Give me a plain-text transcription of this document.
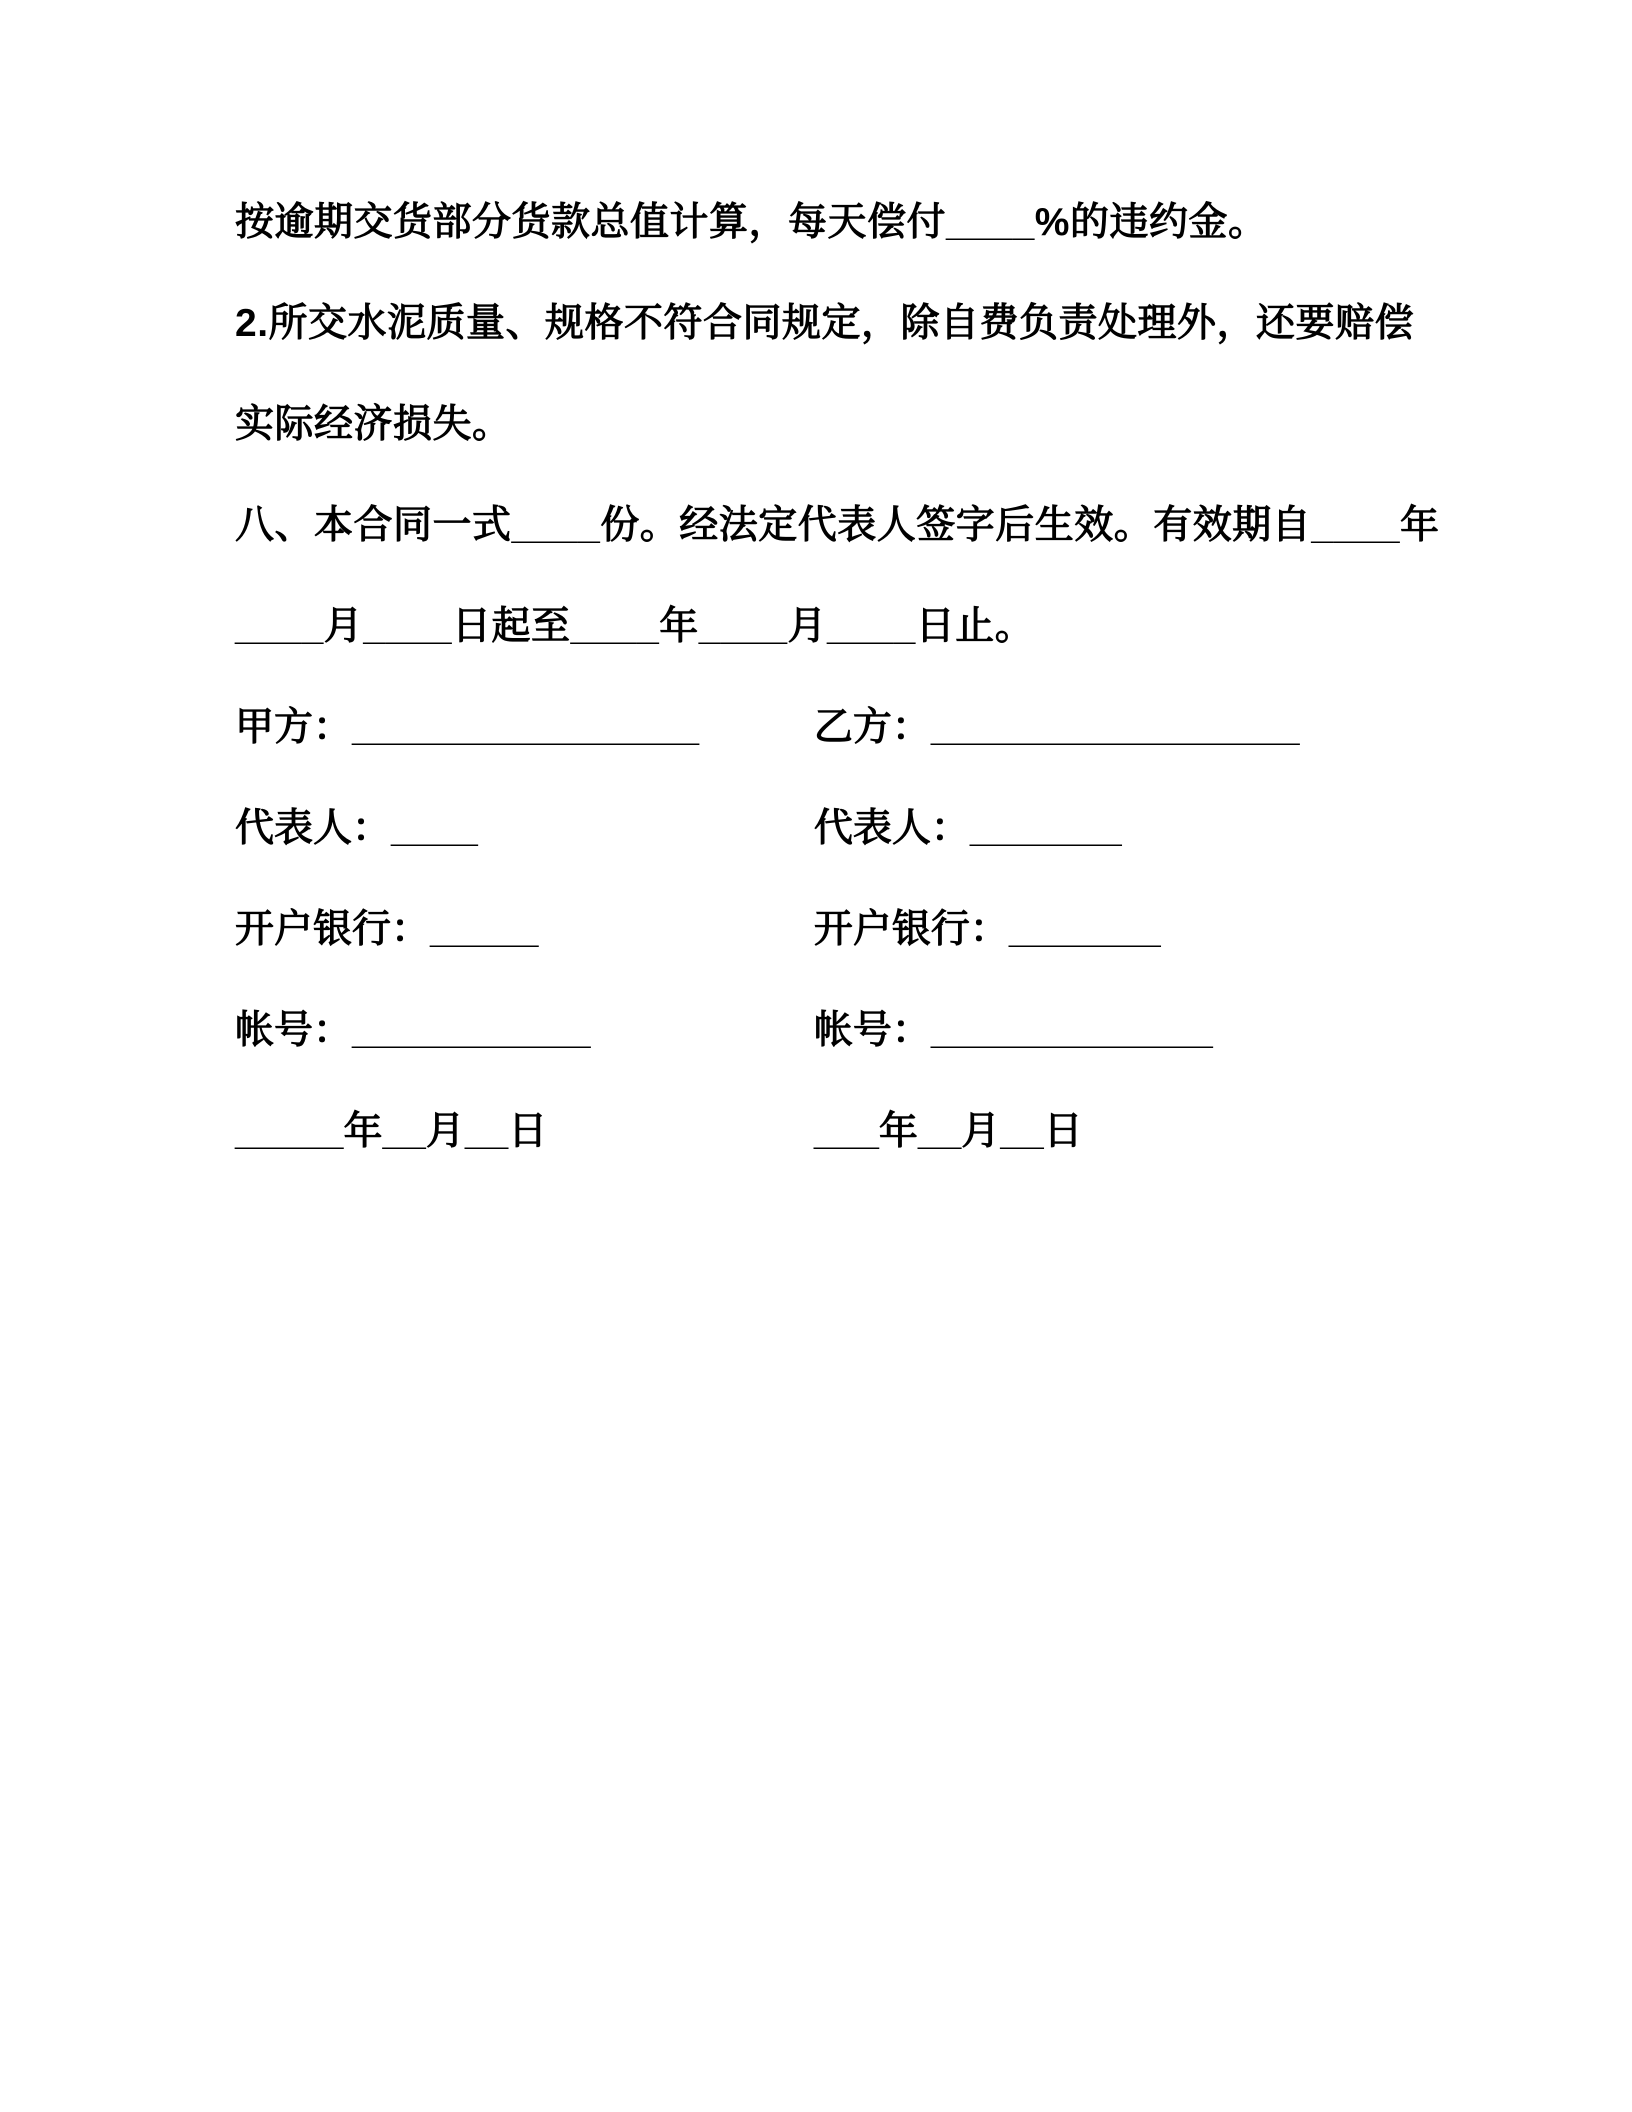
按逾期交货部分货款总值计算，每天偿付____%的违约金。

2.所交水泥质量、规格不符合同规定，除自费负责处理外，还要赔偿

实际经济损失。

八、本合同一式____份。经法定代表人签字后生效。有效期自____年

____月____日起至____年____月____日止。

甲方：________________	乙方：_________________
代表人：____	代表人：_______
开户银行：_____	开户银行：_______
帐号：___________	帐号：_____________
_____年__月__日	___年__月__日
